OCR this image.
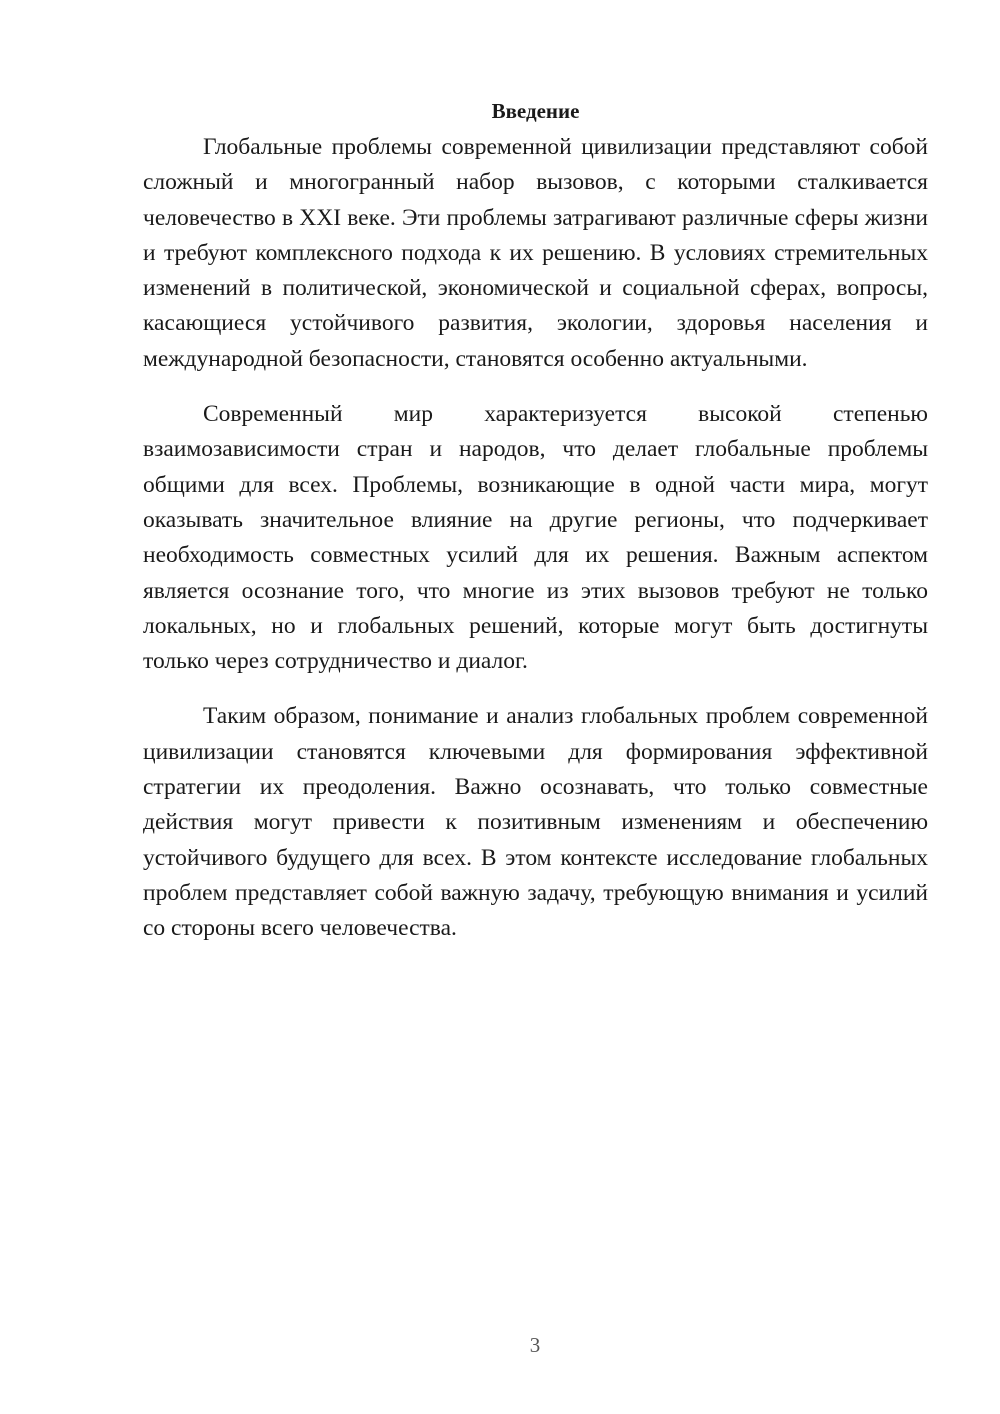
Введение

Глобальные проблемы современной цивилизации представляют собой сложный и многогранный набор вызовов, с которыми сталкивается человечество в XXI веке. Эти проблемы затрагивают различные сферы жизни и требуют комплексного подхода к их решению. В условиях стремительных изменений в политической, экономической и социальной сферах, вопросы, касающиеся устойчивого развития, экологии, здоровья населения и международной безопасности, становятся особенно актуальными.

Современный мир характеризуется высокой степенью взаимозависимости стран и народов, что делает глобальные проблемы общими для всех. Проблемы, возникающие в одной части мира, могут оказывать значительное влияние на другие регионы, что подчеркивает необходимость совместных усилий для их решения. Важным аспектом является осознание того, что многие из этих вызовов требуют не только локальных, но и глобальных решений, которые могут быть достигнуты только через сотрудничество и диалог.

Таким образом, понимание и анализ глобальных проблем современной цивилизации становятся ключевыми для формирования эффективной стратегии их преодоления. Важно осознавать, что только совместные действия могут привести к позитивным изменениям и обеспечению устойчивого будущего для всех. В этом контексте исследование глобальных проблем представляет собой важную задачу, требующую внимания и усилий со стороны всего человечества.

3
